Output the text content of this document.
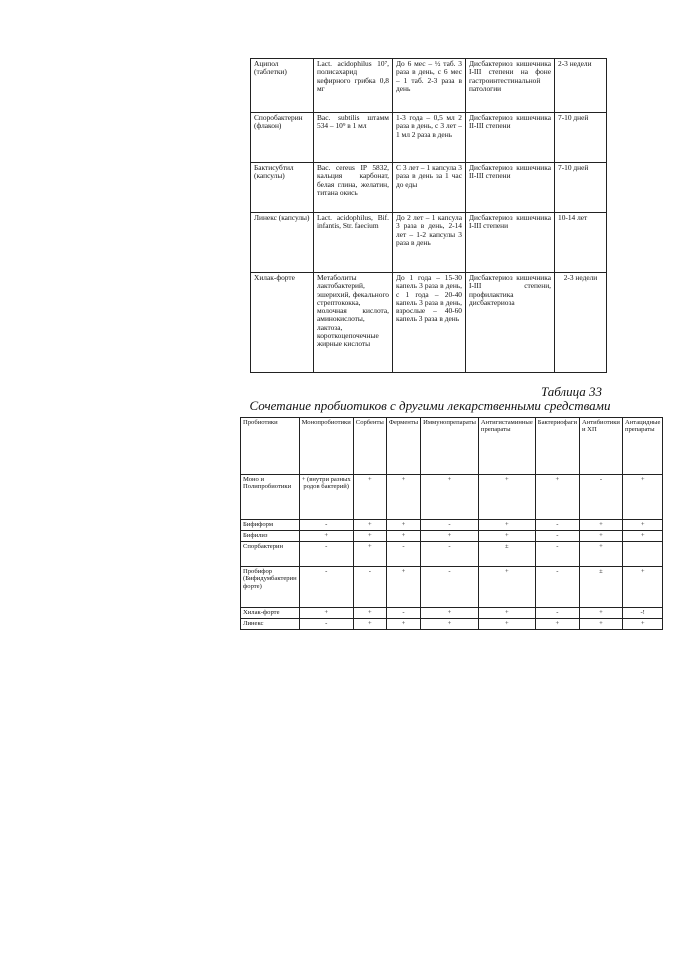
Аципол (таблетки)	Lact. acidophilus 10⁷, полисахарид кефирного грибка 0,8 мг	До 6 мес – ½ таб. 3 раза в день, с 6 мес – 1 таб. 2-3 раза в день	Дисбактериоз кишечника I-III степени на фоне гастроинтестинальной патологии	2-3 недели
Споробактерин (флакон)	Bac. subtilis штамм 534 – 10⁹ в 1 мл	1-3 года – 0,5 мл 2 раза в день, с 3 лет – 1 мл 2 раза в день	Дисбактериоз кишечника II-III степени	7-10 дней
Бактисубтил (капсулы)	Bac. cereus IP 5832, кальция карбонат, белая глина, желатин, титана окись	С 3 лет – 1 капсула 3 раза в день за 1 час до еды	Дисбактериоз кишечника II-III степени	7-10 дней
Линекс (капсулы)	Lact. acidophilus, Bif. infantis, Str. faecium	До 2 лет – 1 капсула 3 раза в день, 2-14 лет – 1-2 капсулы 3 раза в день	Дисбактериоз кишечника I-III степени	10-14 лет
Хилак-форте	Метаболиты лактобактерий, эшерихий, фекального стрептококка, молочная кислота, аминокислоты, лактоза, короткоцепочечные жирные кислоты	До 1 года – 15-30 капель 3 раза в день, с 1 года – 20-40 капель 3 раза в день, взрослые – 40-60 капель 3 раза в день	Дисбактериоз кишечника I-III степени, профилактика дисбактериоза	2-3 недели
Таблица 33
Сочетание пробиотиков с другими лекарственными средствами
Пробиотики	Монопробиотики	Сорбенты	Ферменты	Иммунопрепараты	Антигистаминные препараты	Бактериофаги	Антибиотики и ХП	Антацидные препараты
Моно и Полипробиотики	+ (внутри разных родов бактерий)	+	+	+	+	+	-	+
Бифиформ	-	+	+	-	+	-	+	+
Бифилиз	+	+	+	+	+	-	+	+
Спорбактерин	-	+	-	-	±	-	+	
Пробифор (Бифидумбактерин форте)	-	-	+	-	+	-	±	+
Хилак-форте	+	+	-	+	+	-	+	-!
Линекс	-	+	+	+	+	+	+	+
